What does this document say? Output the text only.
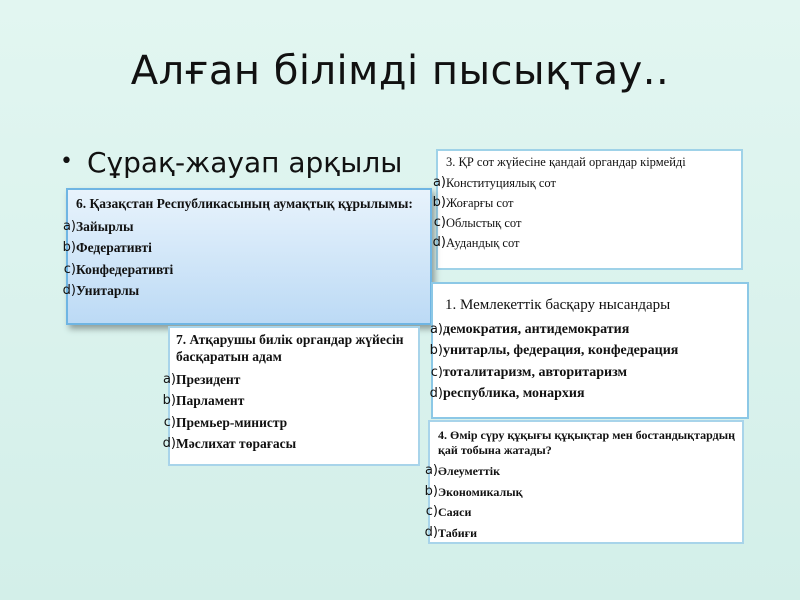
Алған білімді пысықтау..
• Сұрақ-жауап арқылы	3. ҚР сот жүйесіне қандай органдар кірмейді
a) Конституциялық сот
b) Жоғарғы сот
c) Облыстық сот
d) Аудандық сот
6. Қазақстан Республикасының аумақтық құрылымы:
a) Зайырлы
b) Федеративті
c) Конфедеративті
d) Унитарлы
1. Мемлекеттік басқару нысандары
a) демократия, антидемократия
b) унитарлы, федерация, конфедерация
c) тоталитаризм, авторитаризм
d) республика, монархия
7. Атқарушы билік органдар жүйесін басқаратын адам
a) Президент
b) Парламент
c) Премьер-министр
d) Мәслихат төрағасы
4. Өмір сүру құқығы құқықтар мен бостандықтардың қай тобына жатады?
a) Әлеуметтік
b) Экономикалық
c) Саяси
d) Табиғи
